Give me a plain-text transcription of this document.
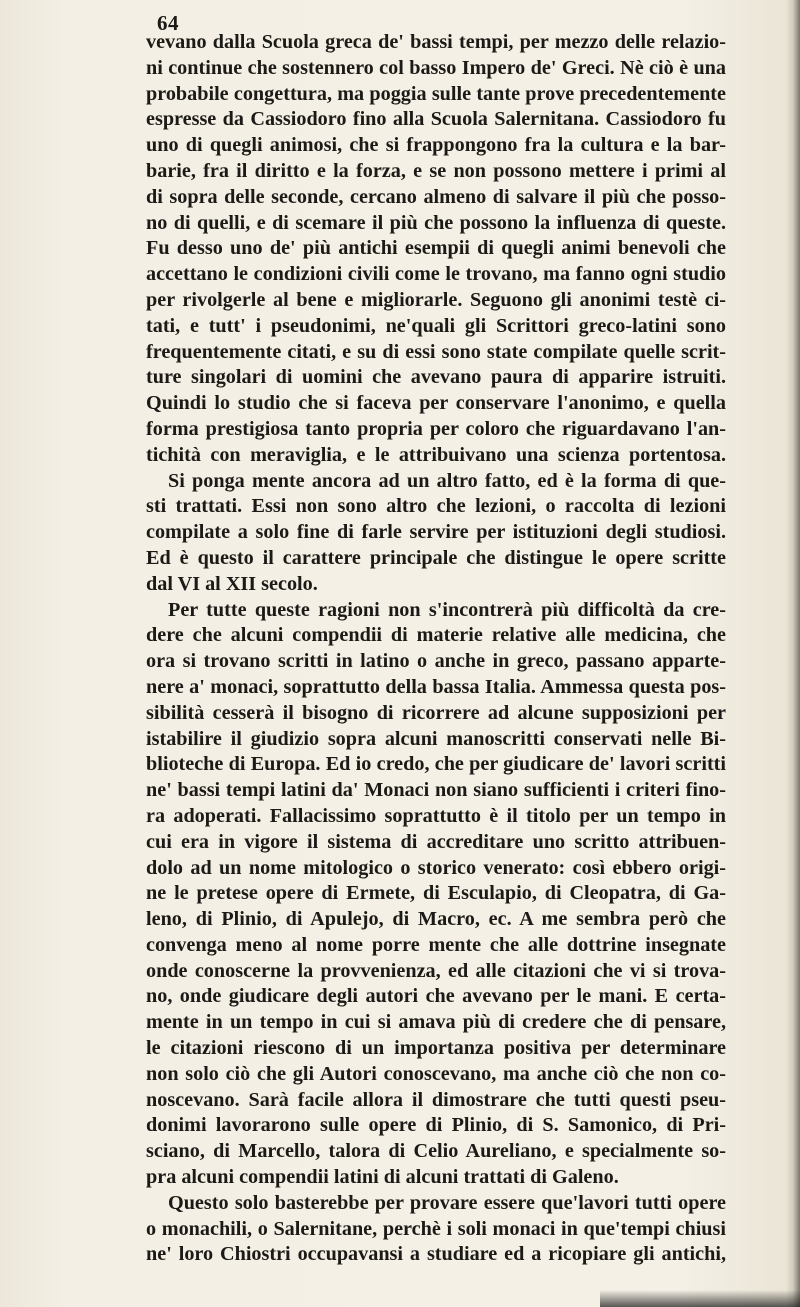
64
vevano dalla Scuola greca de' bassi tempi, per mezzo delle relazio-
ni continue che sostennero col basso Impero de' Greci. Nè ciò è una
probabile congettura, ma poggia sulle tante prove precedentemente
espresse da Cassiodoro fino alla Scuola Salernitana. Cassiodoro fu
uno di quegli animosi, che si frappongono fra la cultura e la bar-
barie, fra il diritto e la forza, e se non possono mettere i primi al
di sopra delle seconde, cercano almeno di salvare il più che posso-
no di quelli, e di scemare il più che possono la influenza di queste.
Fu desso uno de' più antichi esempii di quegli animi benevoli che
accettano le condizioni civili come le trovano, ma fanno ogni studio
per rivolgerle al bene e migliorarle. Seguono gli anonimi testè ci-
tati, e tutt' i pseudonimi, ne'quali gli Scrittori greco-latini sono
frequentemente citati, e su di essi sono state compilate quelle scrit-
ture singolari di uomini che avevano paura di apparire istruiti.
Quindi lo studio che si faceva per conservare l'anonimo, e quella
forma prestigiosa tanto propria per coloro che riguardavano l'an-
tichità con meraviglia, e le attribuivano una scienza portentosa.
Si ponga mente ancora ad un altro fatto, ed è la forma di que-
sti trattati. Essi non sono altro che lezioni, o raccolta di lezioni
compilate a solo fine di farle servire per istituzioni degli studiosi.
Ed è questo il carattere principale che distingue le opere scritte
dal VI al XII secolo.
Per tutte queste ragioni non s'incontrerà più difficoltà da cre-
dere che alcuni compendii di materie relative alle medicina, che
ora si trovano scritti in latino o anche in greco, passano apparte-
nere a' monaci, soprattutto della bassa Italia. Ammessa questa pos-
sibilità cesserà il bisogno di ricorrere ad alcune supposizioni per
istabilire il giudizio sopra alcuni manoscritti conservati nelle Bi-
blioteche di Europa. Ed io credo, che per giudicare de' lavori scritti
ne' bassi tempi latini da' Monaci non siano sufficienti i criteri fino-
ra adoperati. Fallacissimo soprattutto è il titolo per un tempo in
cui era in vigore il sistema di accreditare uno scritto attribuen-
dolo ad un nome mitologico o storico venerato: così ebbero origi-
ne le pretese opere di Ermete, di Esculapio, di Cleopatra, di Ga-
leno, di Plinio, di Apulejo, di Macro, ec. A me sembra però che
convenga meno al nome porre mente che alle dottrine insegnate
onde conoscerne la provvenienza, ed alle citazioni che vi si trova-
no, onde giudicare degli autori che avevano per le mani. E certa-
mente in un tempo in cui si amava più di credere che di pensare,
le citazioni riescono di un importanza positiva per determinare
non solo ciò che gli Autori conoscevano, ma anche ciò che non co-
noscevano. Sarà facile allora il dimostrare che tutti questi pseu-
donimi lavorarono sulle opere di Plinio, di S. Samonico, di Pri-
sciano, di Marcello, talora di Celio Aureliano, e specialmente so-
pra alcuni compendii latini di alcuni trattati di Galeno.
Questo solo basterebbe per provare essere que'lavori tutti opere
o monachili, o Salernitane, perchè i soli monaci in que'tempi chiusi
ne' loro Chiostri occupavansi a studiare ed a ricopiare gli antichi,
